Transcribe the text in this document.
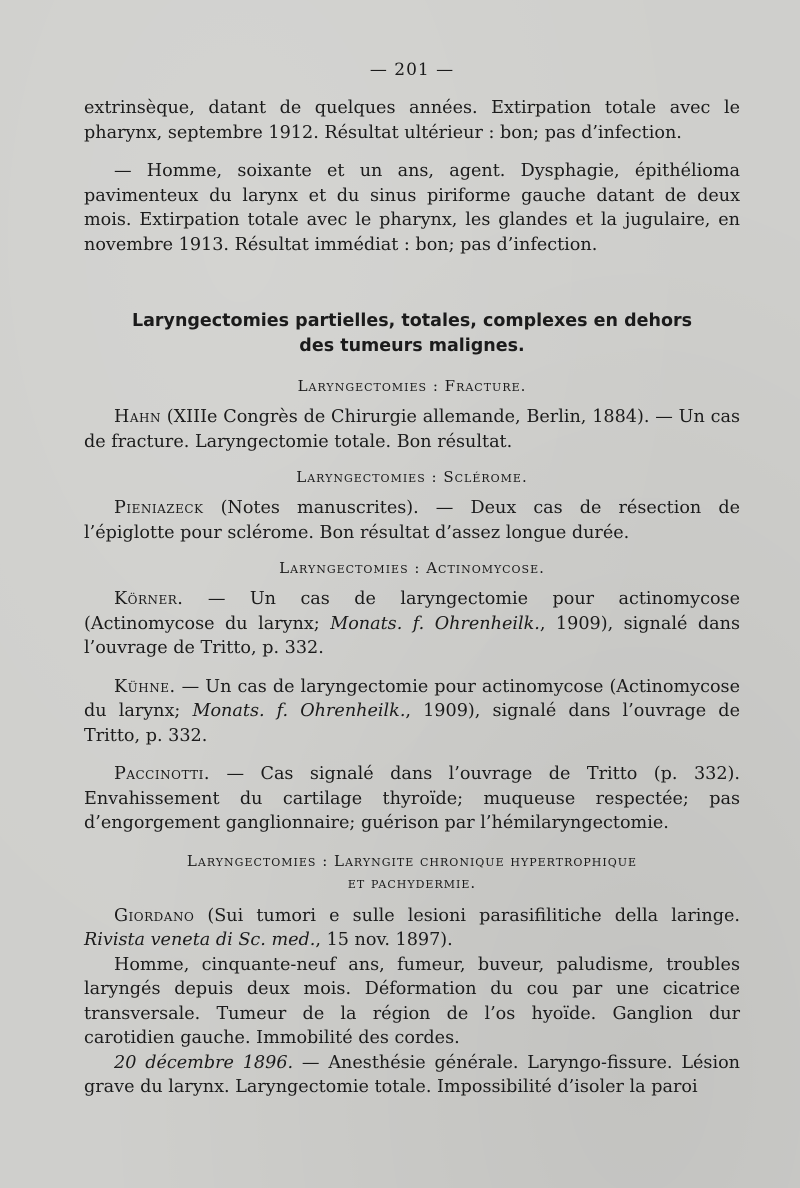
— 201 —

extrinsèque, datant de quelques années. Extirpation totale avec le pharynx, septembre 1912. Résultat ultérieur : bon; pas d’infection.

— Homme, soixante et un ans, agent. Dysphagie, épithélioma pavimenteux du larynx et du sinus piriforme gauche datant de deux mois. Extirpation totale avec le pharynx, les glandes et la jugulaire, en novembre 1913. Résultat immédiat : bon; pas d’infection.

Laryngectomies partielles, totales, complexes en dehors
des tumeurs malignes.
Laryngectomies : Fracture.

Hahn (XIIIe Congrès de Chirurgie allemande, Berlin, 1884). — Un cas de fracture. Laryngectomie totale. Bon résultat.

Laryngectomies : Sclérome.

Pieniazeck (Notes manuscrites). — Deux cas de résection de l’épiglotte pour sclérome. Bon résultat d’assez longue durée.

Laryngectomies : Actinomycose.

Körner. — Un cas de laryngectomie pour actinomycose (Actinomycose du larynx; Monats. f. Ohrenheilk., 1909), signalé dans l’ouvrage de Tritto, p. 332.

Kühne. — Un cas de laryngectomie pour actinomycose (Actinomycose du larynx; Monats. f. Ohrenheilk., 1909), signalé dans l’ouvrage de Tritto, p. 332.

Paccinotti. — Cas signalé dans l’ouvrage de Tritto (p. 332). Envahissement du cartilage thyroïde; muqueuse respectée; pas d’engorgement ganglionnaire; guérison par l’hémilaryngectomie.

Laryngectomies : Laryngite chronique hypertrophique
et pachydermie.

Giordano (Sui tumori e sulle lesioni parasifilitiche della laringe. Rivista veneta di Sc. med., 15 nov. 1897).

Homme, cinquante-neuf ans, fumeur, buveur, paludisme, troubles laryngés depuis deux mois. Déformation du cou par une cicatrice transversale. Tumeur de la région de l’os hyoïde. Ganglion dur carotidien gauche. Immobilité des cordes.

20 décembre 1896. — Anesthésie générale. Laryngo-fissure. Lésion grave du larynx. Laryngectomie totale. Impossibilité d’isoler la paroi
